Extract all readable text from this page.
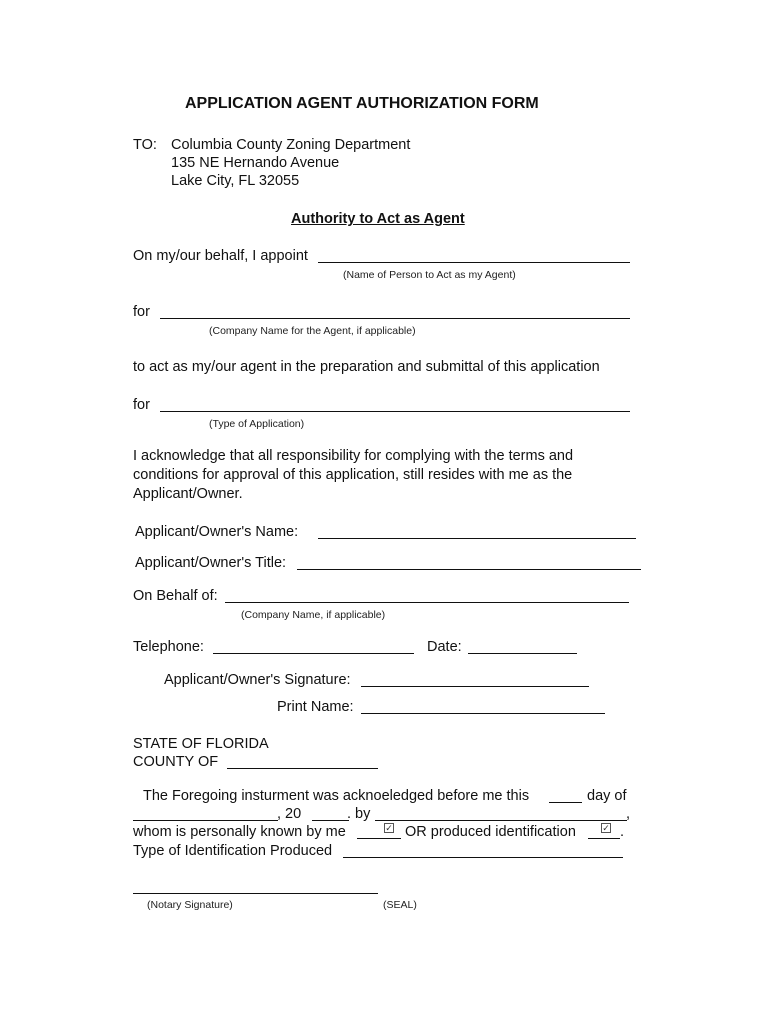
APPLICATION AGENT AUTHORIZATION FORM
TO: Columbia County Zoning Department
135 NE Hernando Avenue
Lake City, FL 32055
Authority to Act as Agent
On my/our behalf, I appoint
(Name of Person to Act as my Agent)
for
(Company Name for the Agent, if applicable)
to act as my/our agent in the preparation and submittal of this application
for
(Type of Application)
I acknowledge that all responsibility for complying with the terms and
conditions for approval of this application, still resides with me as the
Applicant/Owner.
Applicant/Owner's Name:
Applicant/Owner's Title:
On Behalf of:
(Company Name, if applicable)
Telephone:	Date:
Applicant/Owner's Signature:
Print Name:
STATE OF FLORIDA
COUNTY OF
The Foregoing insturment was acknoeledged before me this	day of
, 20	. by	,
whom is personally known by me	✓ OR produced identification	✓ .
Type of Identification Produced
(Notary Signature)	(SEAL)
